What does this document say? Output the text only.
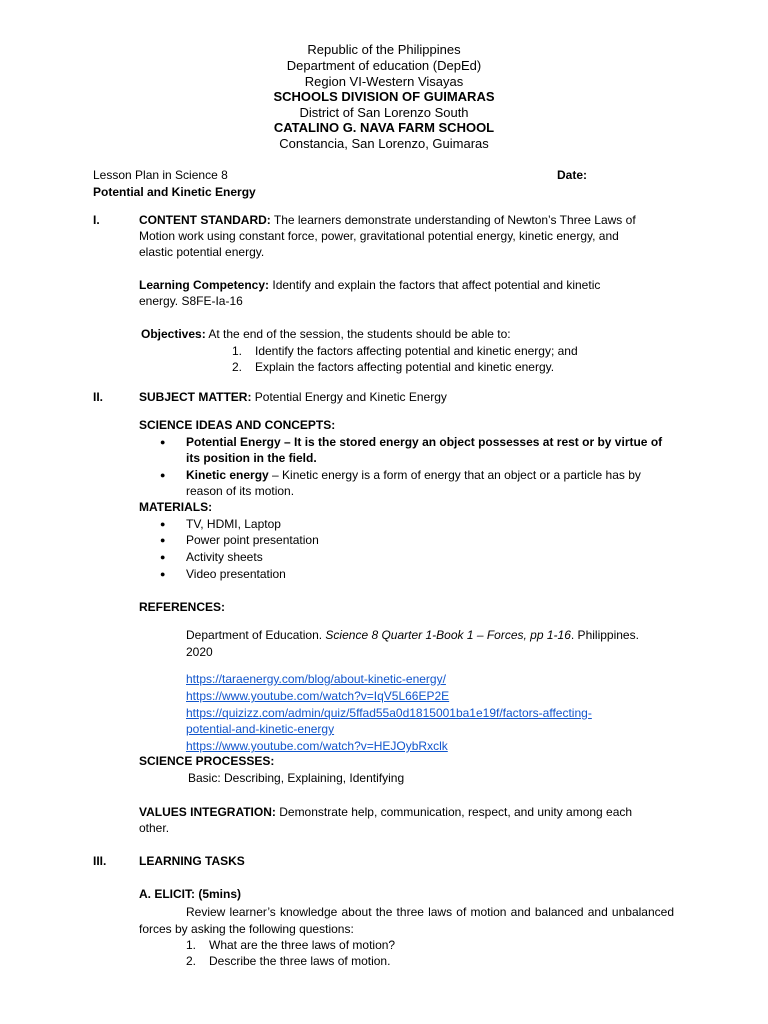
Republic of the Philippines
Department of education (DepEd)
Region VI-Western Visayas
SCHOOLS DIVISION OF GUIMARAS
District of San Lorenzo South
CATALINO G. NAVA FARM SCHOOL
Constancia, San Lorenzo, Guimaras
Lesson Plan in Science 8	Date:
Potential and Kinetic Energy
I.	CONTENT STANDARD: The learners demonstrate understanding of Newton’s Three Laws of
Motion work using constant force, power, gravitational potential energy, kinetic energy, and
elastic potential energy.
Learning Competency: Identify and explain the factors that affect potential and kinetic
energy. S8FE-Ia-16
Objectives: At the end of the session, the students should be able to:
1. Identify the factors affecting potential and kinetic energy; and
2. Explain the factors affecting potential and kinetic energy.
II.	SUBJECT MATTER: Potential Energy and Kinetic Energy
SCIENCE IDEAS AND CONCEPTS:
● Potential Energy – It is the stored energy an object possesses at rest or by virtue of
its position in the field.
● Kinetic energy – Kinetic energy is a form of energy that an object or a particle has by
reason of its motion.
MATERIALS:
● TV, HDMI, Laptop
● Power point presentation
● Activity sheets
● Video presentation
REFERENCES:
Department of Education. Science 8 Quarter 1-Book 1 – Forces, pp 1-16. Philippines.
2020
https://taraenergy.com/blog/about-kinetic-energy/
https://www.youtube.com/watch?v=IqV5L66EP2E
https://quizizz.com/admin/quiz/5ffad55a0d1815001ba1e19f/factors-affecting-
potential-and-kinetic-energy
https://www.youtube.com/watch?v=HEJOybRxclk
SCIENCE PROCESSES:
Basic: Describing, Explaining, Identifying
VALUES INTEGRATION: Demonstrate help, communication, respect, and unity among each
other.
III.	LEARNING TASKS
A. ELICIT: (5mins)
Review learner’s knowledge about the three laws of motion and balanced and unbalanced forces by asking the following questions:
1. What are the three laws of motion?
2. Describe the three laws of motion.
